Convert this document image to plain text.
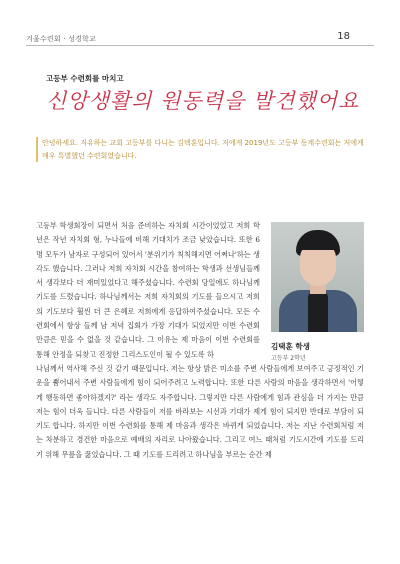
겨울수련회 · 성경학교	18
고등부 수련회를 마치고
신앙생활의 원동력을 발견했어요
안녕하세요. 저유하는 교회 고등부를 다니는 김택훈입니다. 저에게 2019년도 고등부 동계수련회는 저에게 매우 특별했던 수련회였습니다.

고등부 학생회장이 되면서 처음 준비하는 자치회 시간이었었고 저희 학년은 작년 자치회 형, 누나들에 비해 기대치가 조금 낮았습니다. 또한 6명 모두가 남자로 구성되어 있어서 '분위기가 칙칙해지면 어쩌나'하는 생각도 했습니다. 그러나 저희 자치회 시간을 참여하는 학생과 선생님들께서 생각보다 더 재미있었다고 해주셨습니다. 수련회 당일에도 하나님께 기도를 드렸습니다. 하나님께서는 저희 자치회의 기도를 들으시고 저희의 기도보다 훨씬 더 큰 은혜로 저희에게 응답하여주셨습니다. 모든 수련회에서 항상 들께 남 저녁 집회가 가장 기대가 되었지만 이번 수련회만큼은 믿을 수 없을 것 같습니다. 그 이유는 제 마음이 이번 수련회를 통해 안정을 되찾고 진정한 그리스도인이 될 수 있도록 하

김택훈 학생
고등부 2학년

나님께서 역사해 주신 것 같기 때문입니다. 저는 항상 밝은 미소를 주변 사람들에게 보여주고 긍정적인 기운을 뿜어내서 주변 사람들에게 힘이 되어주려고 노력합니다. 또한 다른 사람의 마음을 생각하면서 '어떻게 행동하면 좋아하겠지?' 라는 생각도 자주합니다. 그렇지만 다른 사람에게 힘과 관심을 더 가지는 만큼 저는 힘이 더욱 들니다. 다른 사람들이 저를 바라보는 시선과 기대가 제게 힘이 되지만 반대로 부담이 되기도 합니다. 하지만 이번 수련회를 통해 제 마음과 생각은 바뀌게 되었습니다. 저는 지난 수련회처럼 저는 차분하고 경건한 마음으로 예배의 자리로 나아왔습니다. 그리고 여느 때처럼 기도시간에 기도를 드리기 위해 무릎을 꿇었습니다. 그 때 기도를 드리려고 하나님을 부르는 순간 제
